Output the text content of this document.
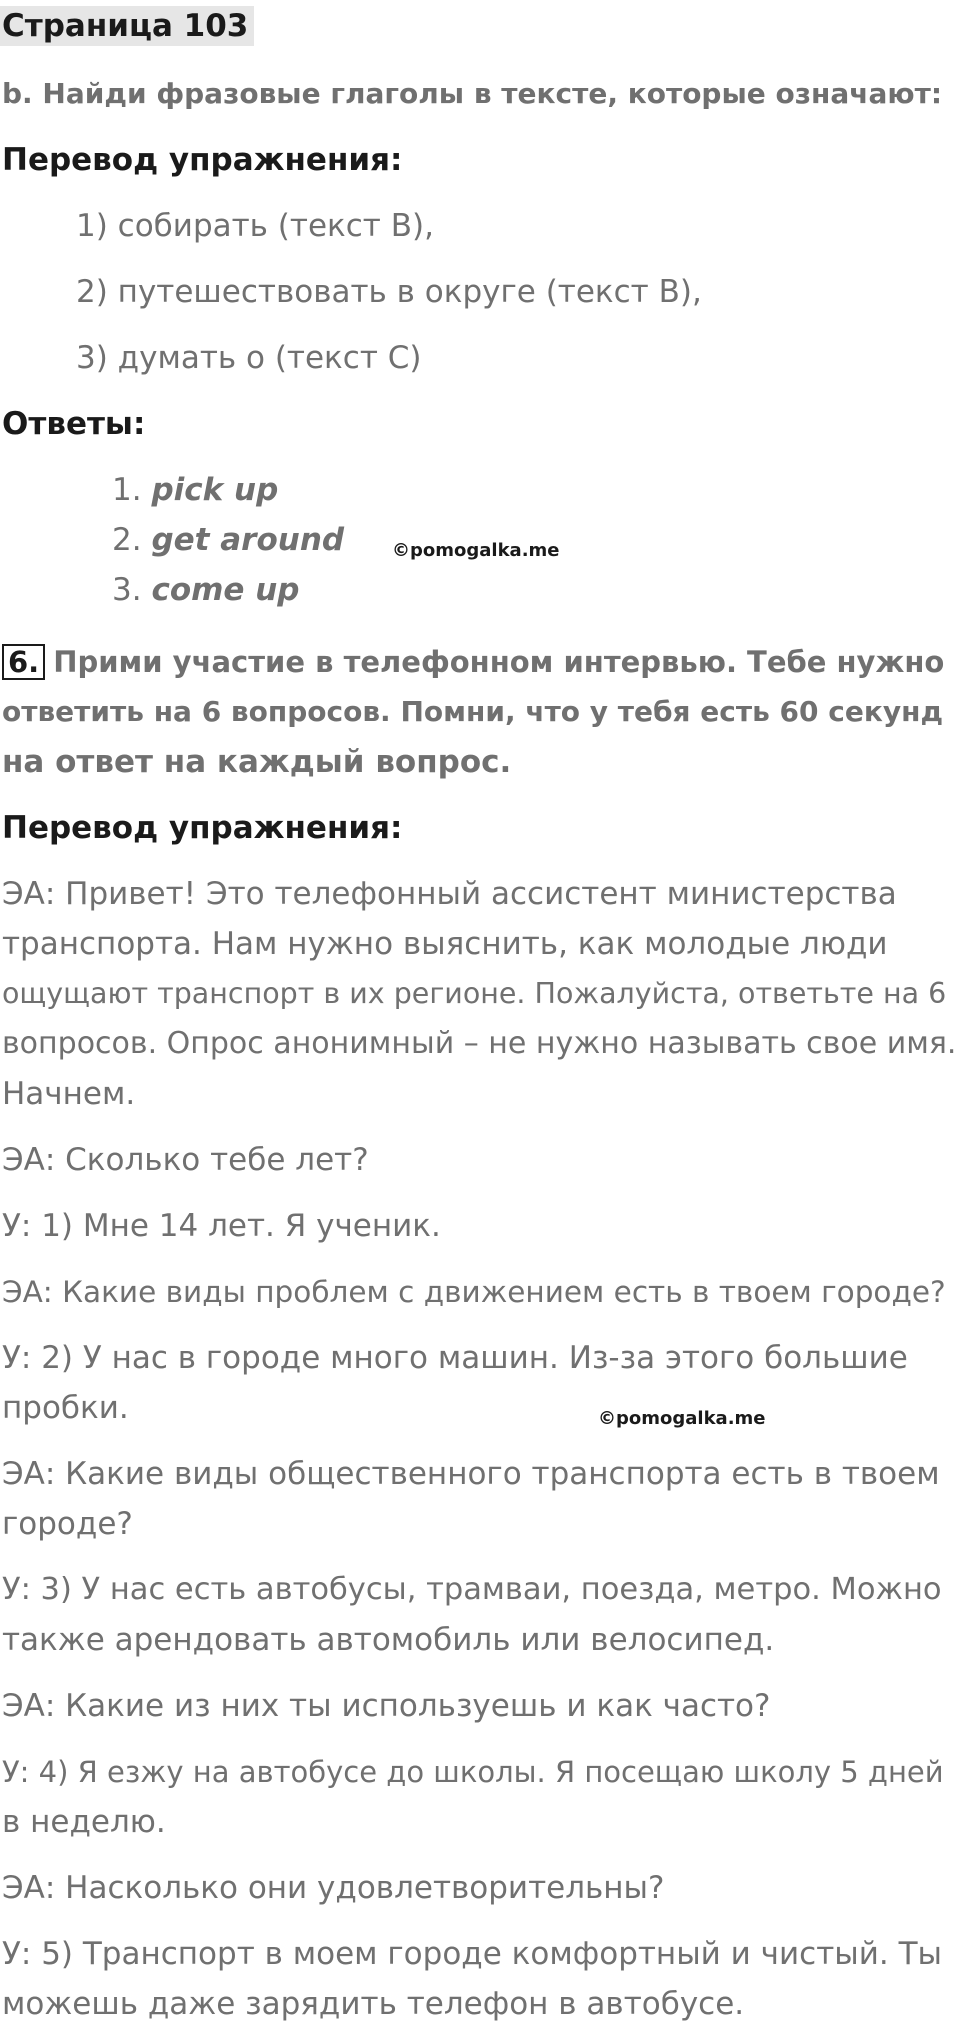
Страница 103
b. Найди фразовые глаголы в тексте, которые означают:
Перевод упражнения:
1) собирать (текст B),
2) путешествовать в округе (текст B),
3) думать о (текст C)
Ответы:
1. pick up
2. get around
3. come up
©pomogalka.me
6. Прими участие в телефонном интервью. Тебе нужно
ответить на 6 вопросов. Помни, что у тебя есть 60 секунд
на ответ на каждый вопрос.
Перевод упражнения:
ЭА: Привет! Это телефонный ассистент министерства
транспорта. Нам нужно выяснить, как молодые люди
ощущают транспорт в их регионе. Пожалуйста, ответьте на 6
вопросов. Опрос анонимный – не нужно называть свое имя.
Начнем.
ЭА: Сколько тебе лет?
У: 1) Мне 14 лет. Я ученик.
ЭА: Какие виды проблем с движением есть в твоем городе?
У: 2) У нас в городе много машин. Из-за этого большие
пробки.	©pomogalka.me
ЭА: Какие виды общественного транспорта есть в твоем
городе?
У: 3) У нас есть автобусы, трамваи, поезда, метро. Можно
также арендовать автомобиль или велосипед.
ЭА: Какие из них ты используешь и как часто?
У: 4) Я езжу на автобусе до школы. Я посещаю школу 5 дней
в неделю.
ЭА: Насколько они удовлетворительны?
У: 5) Транспорт в моем городе комфортный и чистый. Ты
можешь даже зарядить телефон в автобусе.
